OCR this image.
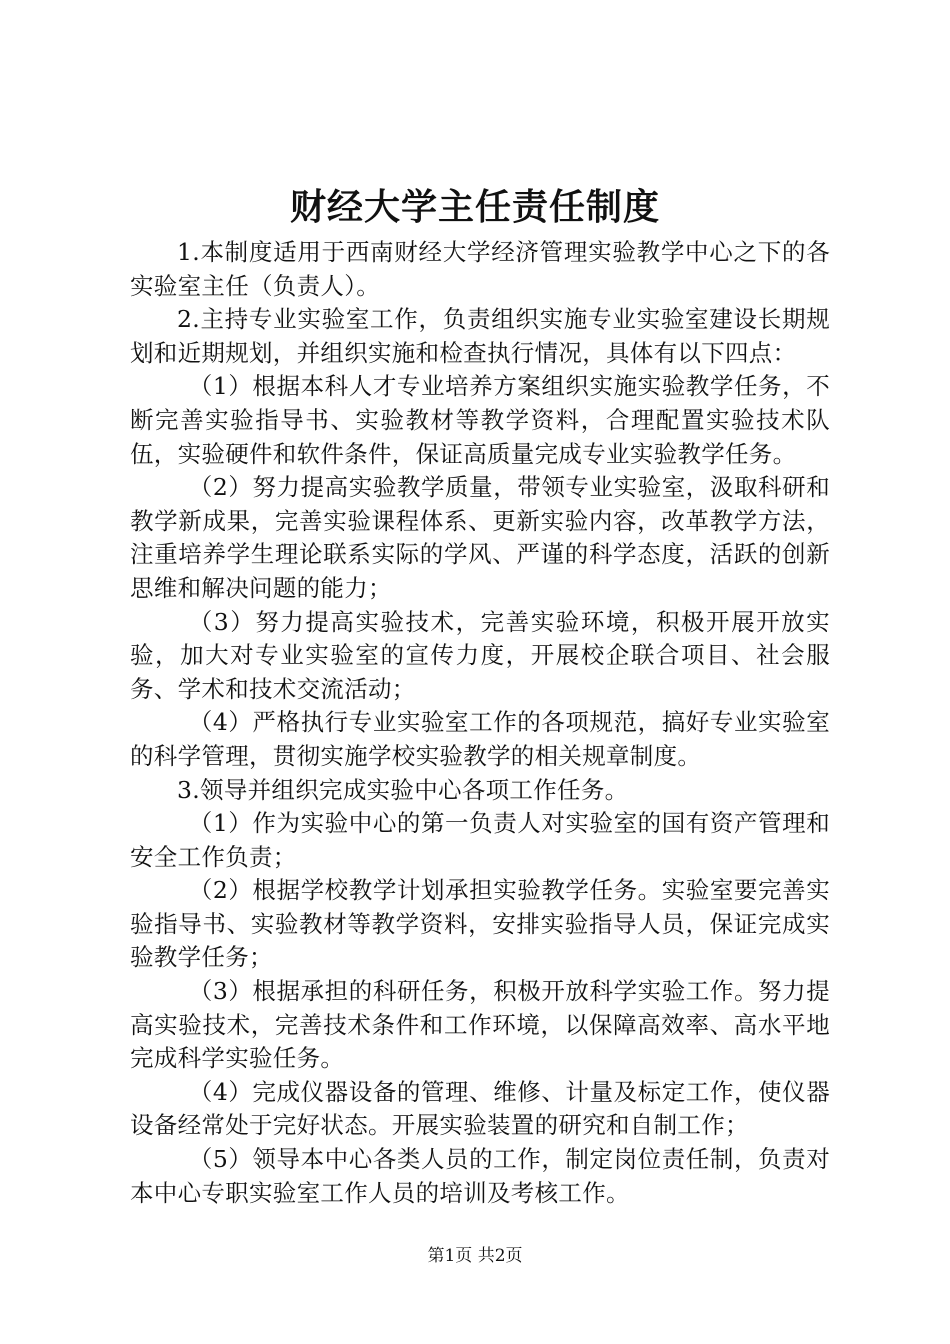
财经大学主任责任制度

1.本制度适用于西南财经大学经济管理实验教学中心之下的各实验室主任（负责人）。

2.主持专业实验室工作，负责组织实施专业实验室建设长期规划和近期规划，并组织实施和检查执行情况，具体有以下四点：

（1）根据本科人才专业培养方案组织实施实验教学任务，不断完善实验指导书、实验教材等教学资料，合理配置实验技术队伍，实验硬件和软件条件，保证高质量完成专业实验教学任务。

（2）努力提高实验教学质量，带领专业实验室，汲取科研和教学新成果，完善实验课程体系、更新实验内容，改革教学方法，注重培养学生理论联系实际的学风、严谨的科学态度，活跃的创新思维和解决问题的能力；

（3）努力提高实验技术，完善实验环境，积极开展开放实验，加大对专业实验室的宣传力度，开展校企联合项目、社会服务、学术和技术交流活动；

（4）严格执行专业实验室工作的各项规范，搞好专业实验室的科学管理，贯彻实施学校实验教学的相关规章制度。

3.领导并组织完成实验中心各项工作任务。

（1）作为实验中心的第一负责人对实验室的国有资产管理和安全工作负责；

（2）根据学校教学计划承担实验教学任务。实验室要完善实验指导书、实验教材等教学资料，安排实验指导人员，保证完成实验教学任务；

（3）根据承担的科研任务，积极开放科学实验工作。努力提高实验技术，完善技术条件和工作环境，以保障高效率、高水平地完成科学实验任务。

（4）完成仪器设备的管理、维修、计量及标定工作，使仪器设备经常处于完好状态。开展实验装置的研究和自制工作；

（5）领导本中心各类人员的工作，制定岗位责任制，负责对本中心专职实验室工作人员的培训及考核工作。

第1页 共2页
